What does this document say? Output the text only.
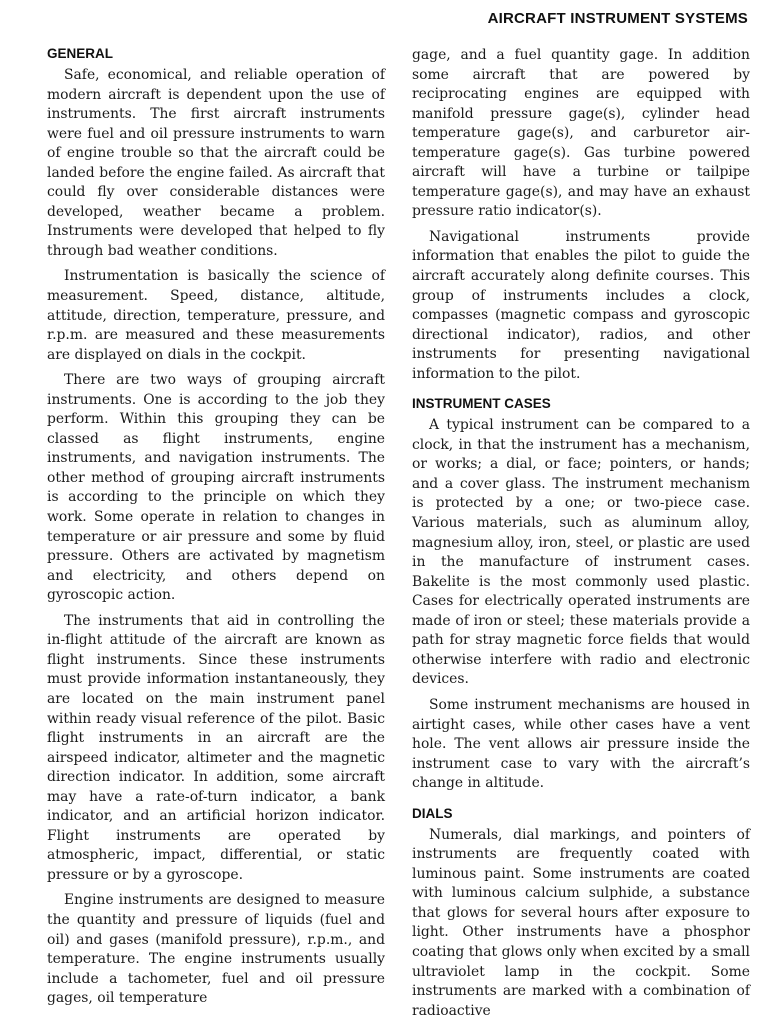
AIRCRAFT INSTRUMENT SYSTEMS
GENERAL

Safe, economical, and reliable operation of modern aircraft is dependent upon the use of instruments. The first aircraft instruments were fuel and oil pressure instruments to warn of engine trouble so that the aircraft could be landed before the engine failed. As aircraft that could fly over considerable distances were developed, weather became a problem. Instruments were developed that helped to fly through bad weather conditions.

Instrumentation is basically the science of measurement. Speed, distance, altitude, attitude, direction, temperature, pressure, and r.p.m. are measured and these measurements are displayed on dials in the cockpit.

There are two ways of grouping aircraft instruments. One is according to the job they perform. Within this grouping they can be classed as flight instruments, engine instruments, and navigation instruments. The other method of grouping aircraft instruments is according to the principle on which they work. Some operate in relation to changes in temperature or air pressure and some by fluid pressure. Others are activated by magnetism and electricity, and others depend on gyroscopic action.

The instruments that aid in controlling the in-flight attitude of the aircraft are known as flight instruments. Since these instruments must provide information instantaneously, they are located on the main instrument panel within ready visual reference of the pilot. Basic flight instruments in an aircraft are the airspeed indicator, altimeter and the magnetic direction indicator. In addition, some aircraft may have a rate-of-turn indicator, a bank indicator, and an artificial horizon indicator. Flight instruments are operated by atmospheric, impact, differential, or static pressure or by a gyroscope.

Engine instruments are designed to measure the quantity and pressure of liquids (fuel and oil) and gases (manifold pressure), r.p.m., and temperature. The engine instruments usually include a tachometer, fuel and oil pressure gages, oil temperature

gage, and a fuel quantity gage. In addition some aircraft that are powered by reciprocating engines are equipped with manifold pressure gage(s), cylinder head temperature gage(s), and carburetor air-temperature gage(s). Gas turbine powered aircraft will have a turbine or tailpipe temperature gage(s), and may have an exhaust pressure ratio indicator(s).

Navigational instruments provide information that enables the pilot to guide the aircraft accurately along definite courses. This group of instruments includes a clock, compasses (magnetic compass and gyroscopic directional indicator), radios, and other instruments for presenting navigational information to the pilot.

INSTRUMENT CASES

A typical instrument can be compared to a clock, in that the instrument has a mechanism, or works; a dial, or face; pointers, or hands; and a cover glass. The instrument mechanism is protected by a one; or two-piece case. Various materials, such as aluminum alloy, magnesium alloy, iron, steel, or plastic are used in the manufacture of instrument cases. Bakelite is the most commonly used plastic. Cases for electrically operated instruments are made of iron or steel; these materials provide a path for stray magnetic force fields that would otherwise interfere with radio and electronic devices.

Some instrument mechanisms are housed in airtight cases, while other cases have a vent hole. The vent allows air pressure inside the instrument case to vary with the aircraft’s change in altitude.

DIALS

Numerals, dial markings, and pointers of instruments are frequently coated with luminous paint. Some instruments are coated with luminous calcium sulphide, a substance that glows for several hours after exposure to light. Other instruments have a phosphor coating that glows only when excited by a small ultraviolet lamp in the cockpit. Some instruments are marked with a combination of radioactive
